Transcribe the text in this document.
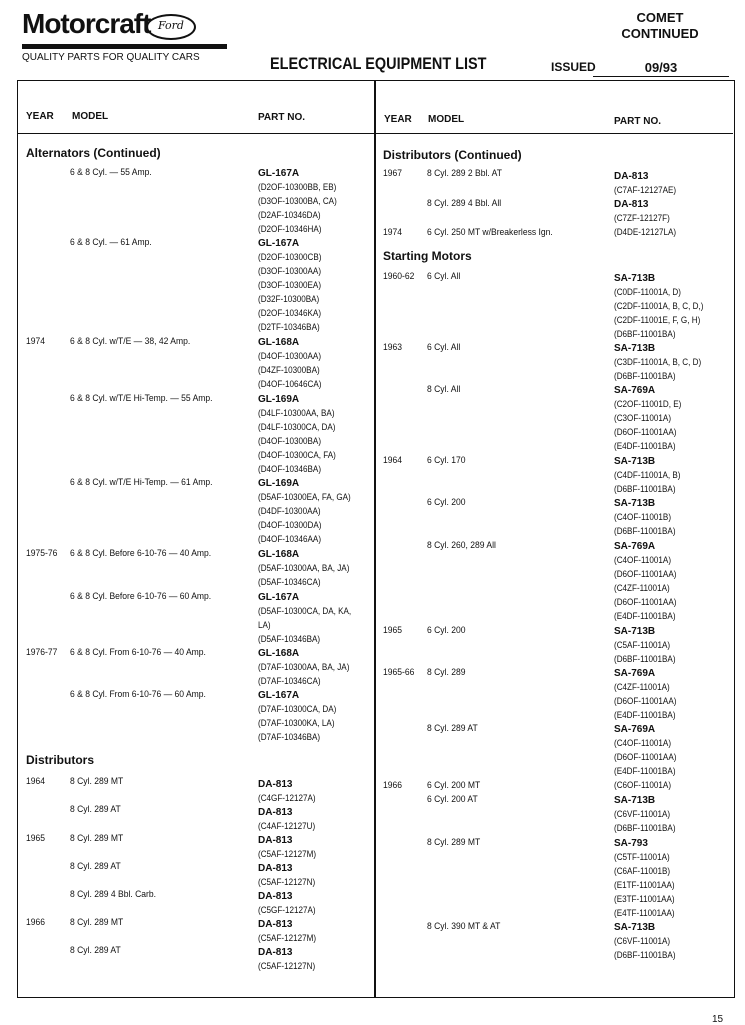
Motorcraft Ford
QUALITY PARTS FOR QUALITY CARS	ELECTRICAL EQUIPMENT LIST
COMET
CONTINUED
ISSUED	09/93
YEAR MODEL	PART NO.	YEAR MODEL	PART NO.
Alternators (Continued)
6 & 8 Cyl. — 55 Amp.	GL-167A
(D2OF-10300BB, EB)
(D3OF-10300BA, CA)
(D2AF-10346DA)
(D2OF-10346HA)
6 & 8 Cyl. — 61 Amp.	GL-167A
(D2OF-10300CB)
(D3OF-10300AA)
(D3OF-10300EA)
(D32F-10300BA)
(D2OF-10346KA)
(D2TF-10346BA)
1974	6 & 8 Cyl. w/T/E — 38, 42 Amp.	GL-168A
(D4OF-10300AA)
(D4ZF-10300BA)
(D4OF-10646CA)
6 & 8 Cyl. w/T/E Hi-Temp. — 55 Amp.	GL-169A
(D4LF-10300AA, BA)
(D4LF-10300CA, DA)
(D4OF-10300BA)
(D4OF-10300CA, FA)
(D4OF-10346BA)
6 & 8 Cyl. w/T/E Hi-Temp. — 61 Amp.	GL-169A
(D5AF-10300EA, FA, GA)
(D4DF-10300AA)
(D4OF-10300DA)
(D4OF-10346AA)
1975-76 6 & 8 Cyl. Before 6-10-76 — 40 Amp.	GL-168A
(D5AF-10300AA, BA, JA)
(D5AF-10346CA)
6 & 8 Cyl. Before 6-10-76 — 60 Amp.	GL-167A
(D5AF-10300CA, DA, KA,
LA)
(D5AF-10346BA)
1976-77 6 & 8 Cyl. From 6-10-76 — 40 Amp.	GL-168A
(D7AF-10300AA, BA, JA)
(D7AF-10346CA)
6 & 8 Cyl. From 6-10-76 — 60 Amp.	GL-167A
(D7AF-10300CA, DA)
(D7AF-10300KA, LA)
(D7AF-10346BA)
Distributors
1964	8 Cyl. 289 MT	DA-813
(C4GF-12127A)
8 Cyl. 289 AT	DA-813
(C4AF-12127U)
1965	8 Cyl. 289 MT	DA-813
(C5AF-12127M)
8 Cyl. 289 AT	DA-813
(C5AF-12127N)
8 Cyl. 289 4 Bbl. Carb.	DA-813
(C5GF-12127A)
1966	8 Cyl. 289 MT	DA-813
(C5AF-12127M)
8 Cyl. 289 AT	DA-813
(C5AF-12127N)
Distributors (Continued)
1967	8 Cyl. 289 2 Bbl. AT	DA-813
(C7AF-12127AE)
8 Cyl. 289 4 Bbl. All	DA-813
(C7ZF-12127F)
1974	6 Cyl. 250 MT w/Breakerless Ign.	(D4DE-12127LA)
Starting Motors
1960-62 6 Cyl. All	SA-713B
(C0DF-11001A, D)
(C2DF-11001A, B, C, D,)
(C2DF-11001E, F, G, H)
(D6BF-11001BA)
1963	6 Cyl. All	SA-713B
(C3DF-11001A, B, C, D)
(D6BF-11001BA)
8 Cyl. All	SA-769A
(C2OF-11001D, E)
(C3OF-11001A)
(D6OF-11001AA)
(E4DF-11001BA)
1964	6 Cyl. 170	SA-713B
(C4DF-11001A, B)
(D6BF-11001BA)
6 Cyl. 200	SA-713B
(C4OF-11001B)
(D6BF-11001BA)
8 Cyl. 260, 289 All	SA-769A
(C4OF-11001A)
(D6OF-11001AA)
(C4ZF-11001A)
(D6OF-11001AA)
(E4DF-11001BA)
1965	6 Cyl. 200	SA-713B
(C5AF-11001A)
(D6BF-11001BA)
1965-66 8 Cyl. 289	SA-769A
(C4ZF-11001A)
(D6OF-11001AA)
(E4DF-11001BA)
8 Cyl. 289 AT	SA-769A
(C4OF-11001A)
(D6OF-11001AA)
(E4DF-11001BA)
1966	6 Cyl. 200 MT	(C6OF-11001A)
6 Cyl. 200 AT	SA-713B
(C6VF-11001A)
(D6BF-11001BA)
8 Cyl. 289 MT	SA-793
(C5TF-11001A)
(C6AF-11001B)
(E1TF-11001AA)
(E3TF-11001AA)
(E4TF-11001AA)
8 Cyl. 390 MT & AT	SA-713B
(C6VF-11001A)
(D6BF-11001BA)
15
